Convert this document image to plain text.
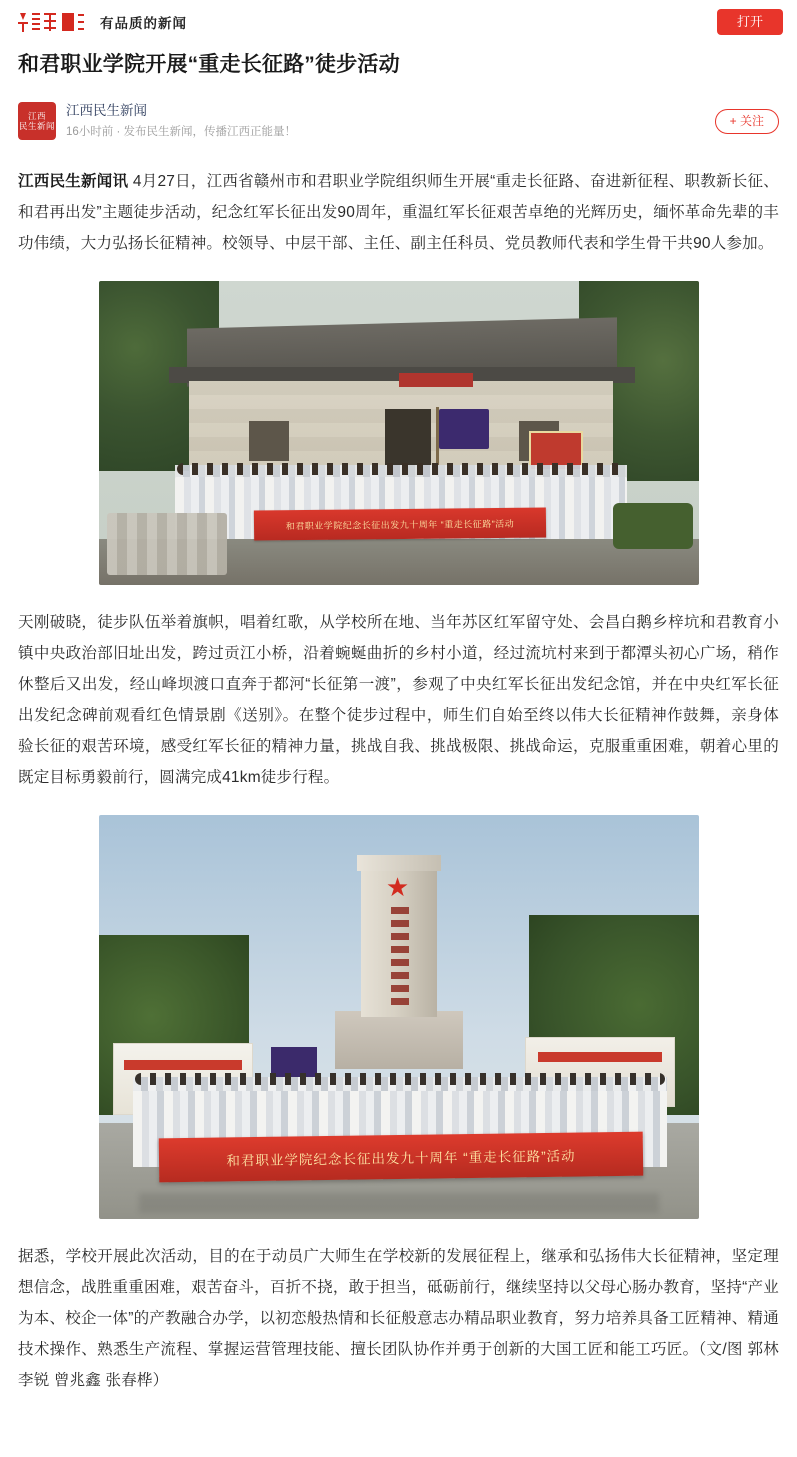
有品质的新闻	打开
和君职业学院开展“重走长征路”徒步活动
江西
民生新闻
江西民生新闻
16小时前 · 发布民生新闻，传播江西正能量！
+ 关注

江西民生新闻讯 4月27日，江西省赣州市和君职业学院组织师生开展“重走长征路、奋进新征程、职教新长征、和君再出发”主题徒步活动，纪念红军长征出发90周年，重温红军长征艰苦卓绝的光辉历史，缅怀革命先辈的丰功伟绩，大力弘扬长征精神。校领导、中层干部、主任、副主任科员、党员教师代表和学生骨干共90人参加。

和君职业学院纪念长征出发九十周年 “重走长征路”活动

天刚破晓，徒步队伍举着旗帜，唱着红歌，从学校所在地、当年苏区红军留守处、会昌白鹅乡梓坑和君教育小镇中央政治部旧址出发，跨过贡江小桥，沿着蜿蜒曲折的乡村小道，经过流坑村来到于都潭头初心广场，稍作休整后又出发，经山峰坝渡口直奔于都河“长征第一渡”，参观了中央红军长征出发纪念馆，并在中央红军长征出发纪念碑前观看红色情景剧《送别》。在整个徒步过程中，师生们自始至终以伟大长征精神作鼓舞，亲身体验长征的艰苦环境，感受红军长征的精神力量，挑战自我、挑战极限、挑战命运，克服重重困难，朝着心里的既定目标勇毅前行，圆满完成41km徒步行程。

★
和君职业学院纪念长征出发九十周年 “重走长征路”活动

据悉，学校开展此次活动，目的在于动员广大师生在学校新的发展征程上，继承和弘扬伟大长征精神，坚定理想信念，战胜重重困难，艰苦奋斗，百折不挠，敢于担当，砥砺前行，继续坚持以父母心肠办教育，坚持“产业为本、校企一体”的产教融合办学，以初恋般热情和长征般意志办精品职业教育，努力培养具备工匠精神、精通技术操作、熟悉生产流程、掌握运营管理技能、擅长团队协作并勇于创新的大国工匠和能工巧匠。（文/图 郭林 李锐 曾兆鑫 张春桦）
